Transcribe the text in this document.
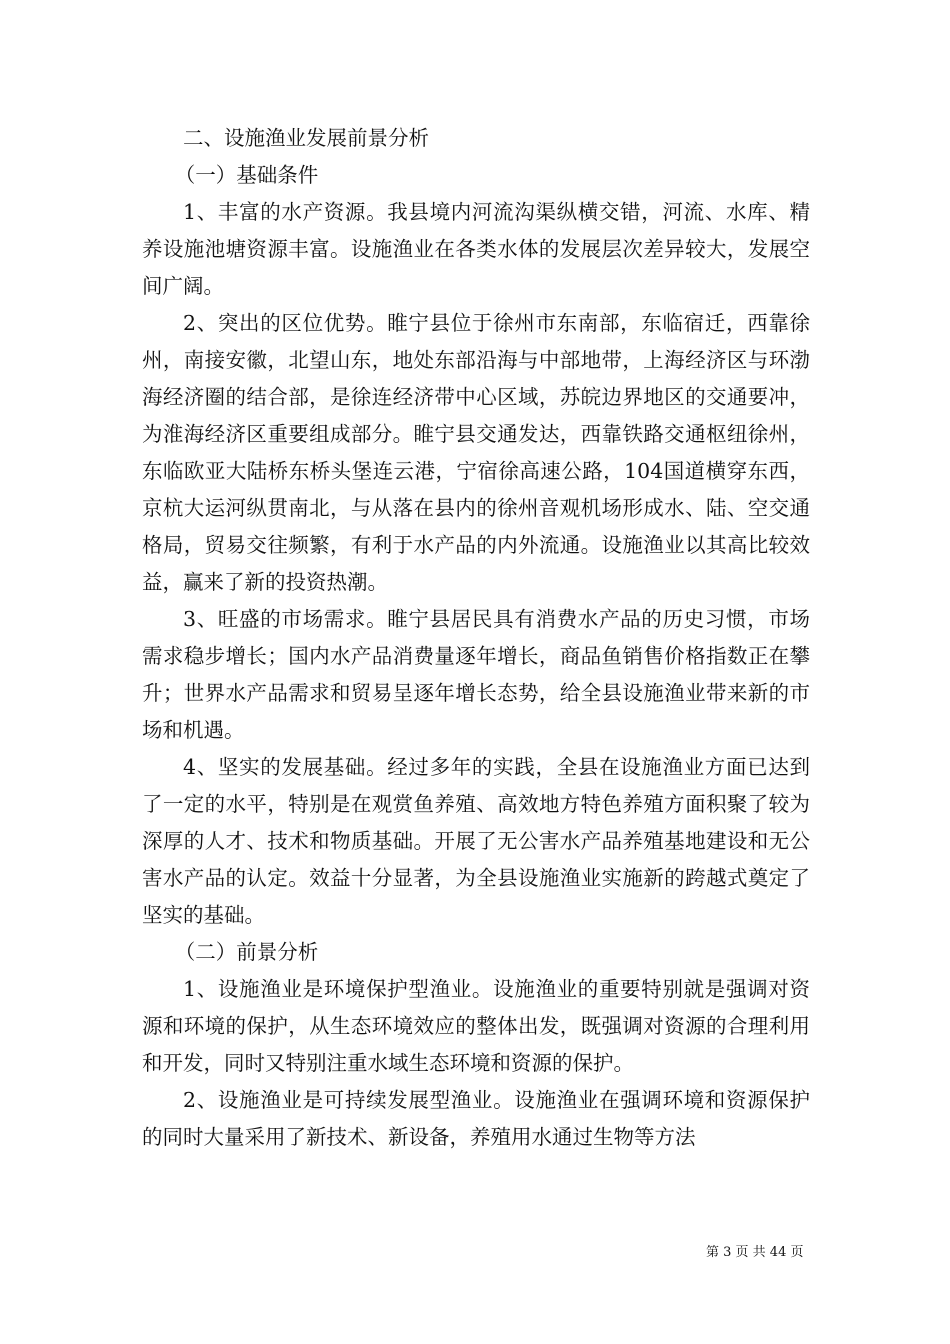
二、设施渔业发展前景分析

（一）基础条件

1、丰富的水产资源。我县境内河流沟渠纵横交错，河流、水库、精养设施池塘资源丰富。设施渔业在各类水体的发展层次差异较大，发展空间广阔。

2、突出的区位优势。睢宁县位于徐州市东南部，东临宿迁，西靠徐州，南接安徽，北望山东，地处东部沿海与中部地带，上海经济区与环渤海经济圈的结合部，是徐连经济带中心区域，苏皖边界地区的交通要冲，为淮海经济区重要组成部分。睢宁县交通发达，西靠铁路交通枢纽徐州，东临欧亚大陆桥东桥头堡连云港，宁宿徐高速公路，104国道横穿东西，京杭大运河纵贯南北，与从落在县内的徐州音观机场形成水、陆、空交通格局，贸易交往频繁，有利于水产品的内外流通。设施渔业以其高比较效益，赢来了新的投资热潮。

3、旺盛的市场需求。睢宁县居民具有消费水产品的历史习惯，市场需求稳步增长；国内水产品消费量逐年增长，商品鱼销售价格指数正在攀升；世界水产品需求和贸易呈逐年增长态势，给全县设施渔业带来新的市场和机遇。

4、坚实的发展基础。经过多年的实践，全县在设施渔业方面已达到了一定的水平，特别是在观赏鱼养殖、高效地方特色养殖方面积聚了较为深厚的人才、技术和物质基础。开展了无公害水产品养殖基地建设和无公害水产品的认定。效益十分显著，为全县设施渔业实施新的跨越式奠定了坚实的基础。

（二）前景分析

1、设施渔业是环境保护型渔业。设施渔业的重要特别就是强调对资源和环境的保护，从生态环境效应的整体出发，既强调对资源的合理利用和开发，同时又特别注重水域生态环境和资源的保护。

2、设施渔业是可持续发展型渔业。设施渔业在强调环境和资源保护的同时大量采用了新技术、新设备，养殖用水通过生物等方法

第 3 页 共 44 页
